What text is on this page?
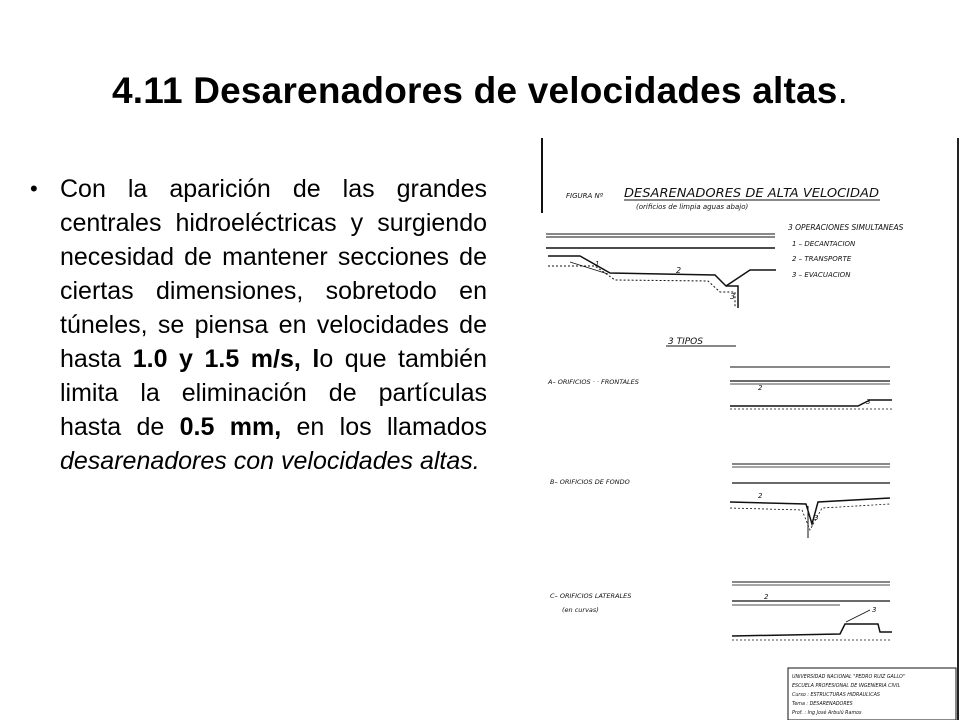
4.11 Desarenadores de velocidades altas.
• Con la aparición de las grandes centrales hidroeléctricas y surgiendo necesidad de mantener secciones de ciertas dimensiones, sobretodo en túneles, se piensa en velocidades de hasta 1.0 y 1.5 m/s, lo que también limita la eliminación de partículas hasta de 0.5 mm, en los llamados desarenadores con velocidades altas.

FIGURA Nº DESARENADORES DE ALTA VELOCIDAD
(orificios de limpia aguas abajo)
3 OPERACIONES SIMULTANEAS
1 – DECANTACION
2 – TRANSPORTE
3 – EVACUACION
1
2
3
3 TIPOS
A– ORIFICIOS · · FRONTALES
2
3
B– ORIFICIOS DE FONDO
2
3
C– ORIFICIOS LATERALES
(en curvas)
2
3
UNIVERSIDAD NACIONAL "PEDRO RUIZ GALLO"
ESCUELA PROFESIONAL DE INGENIERIA CIVIL
Curso : ESTRUCTURAS HIDRAULICAS
Tema : DESARENADORES
Prof. : Ing José Arbulú Ramos
